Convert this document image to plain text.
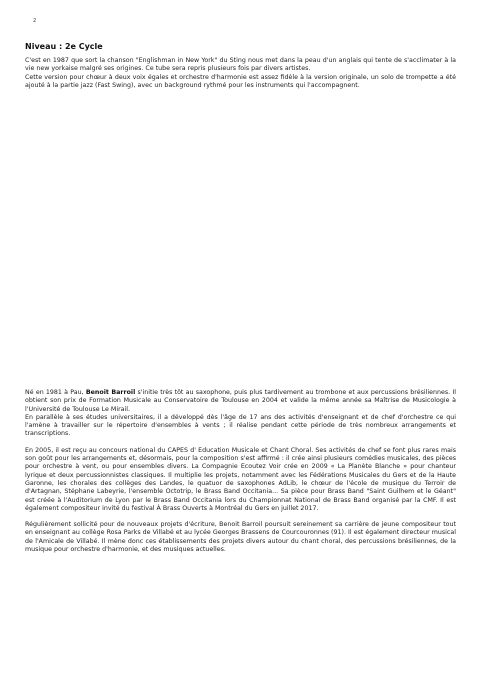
2
Niveau : 2e Cycle

C'est en 1987 que sort la chanson "Englishman in New York" du Sting nous met dans la peau d'un anglais qui tente de s'acclimater à la vie new yorkaise malgré ses origines. Ce tube sera repris plusieurs fois par divers artistes.

Cette version pour chœur à deux voix égales et orchestre d'harmonie est assez fidèle à la version originale, un solo de trompette a été ajouté à la partie jazz (Fast Swing), avec un background rythmé pour les instruments qui l'accompagnent.

Né en 1981 à Pau, Benoit Barroil s'initie très tôt au saxophone, puis plus tardivement au trombone et aux percussions brésiliennes. Il obtient son prix de Formation Musicale au Conservatoire de Toulouse en 2004 et valide la même année sa Maîtrise de Musicologie à l'Université de Toulouse Le Mirail.

En parallèle à ses études universitaires, il a développé dès l'âge de 17 ans des activités d'enseignant et de chef d'orchestre ce qui l'amène à travailler sur le répertoire d'ensembles à vents ; il réalise pendant cette période de très nombreux arrangements et transcriptions.

En 2005, il est reçu au concours national du CAPES d' Education Musicale et Chant Choral. Ses activités de chef se font plus rares mais son goût pour les arrangements et, désormais, pour la composition s'est affirmé : il crée ainsi plusieurs comédies musicales, des pièces pour orchestre à vent, ou pour ensembles divers. La Compagnie Ecoutez Voir crée en 2009 « La Planète Blanche » pour chanteur lyrique et deux percussionnistes classiques. Il multiplie les projets, notamment avec les Fédérations Musicales du Gers et de la Haute Garonne, les chorales des collèges des Landes, le quatuor de saxophones AdLib, le chœur de l'école de musique du Terroir de d'Artagnan, Stéphane Labeyrie, l'ensemble Octotrip, le Brass Band Occitania... Sa pièce pour Brass Band "Saint Guilhem et le Géant" est créée à l'Auditorium de Lyon par le Brass Band Occitania lors du Championnat National de Brass Band organisé par la CMF. Il est également compositeur invité du festival À Brass Ouverts à Montréal du Gers en juillet 2017.

Régulièrement sollicité pour de nouveaux projets d'écriture, Benoit Barroil poursuit sereinement sa carrière de jeune compositeur tout en enseignant au collège Rosa Parks de Villabé et au lycée Georges Brassens de Courcouronnes (91). Il est également directeur musical de l'Amicale de Villabé. Il mène donc ces établissements des projets divers autour du chant choral, des percussions brésiliennes, de la musique pour orchestre d'harmonie, et des musiques actuelles.
